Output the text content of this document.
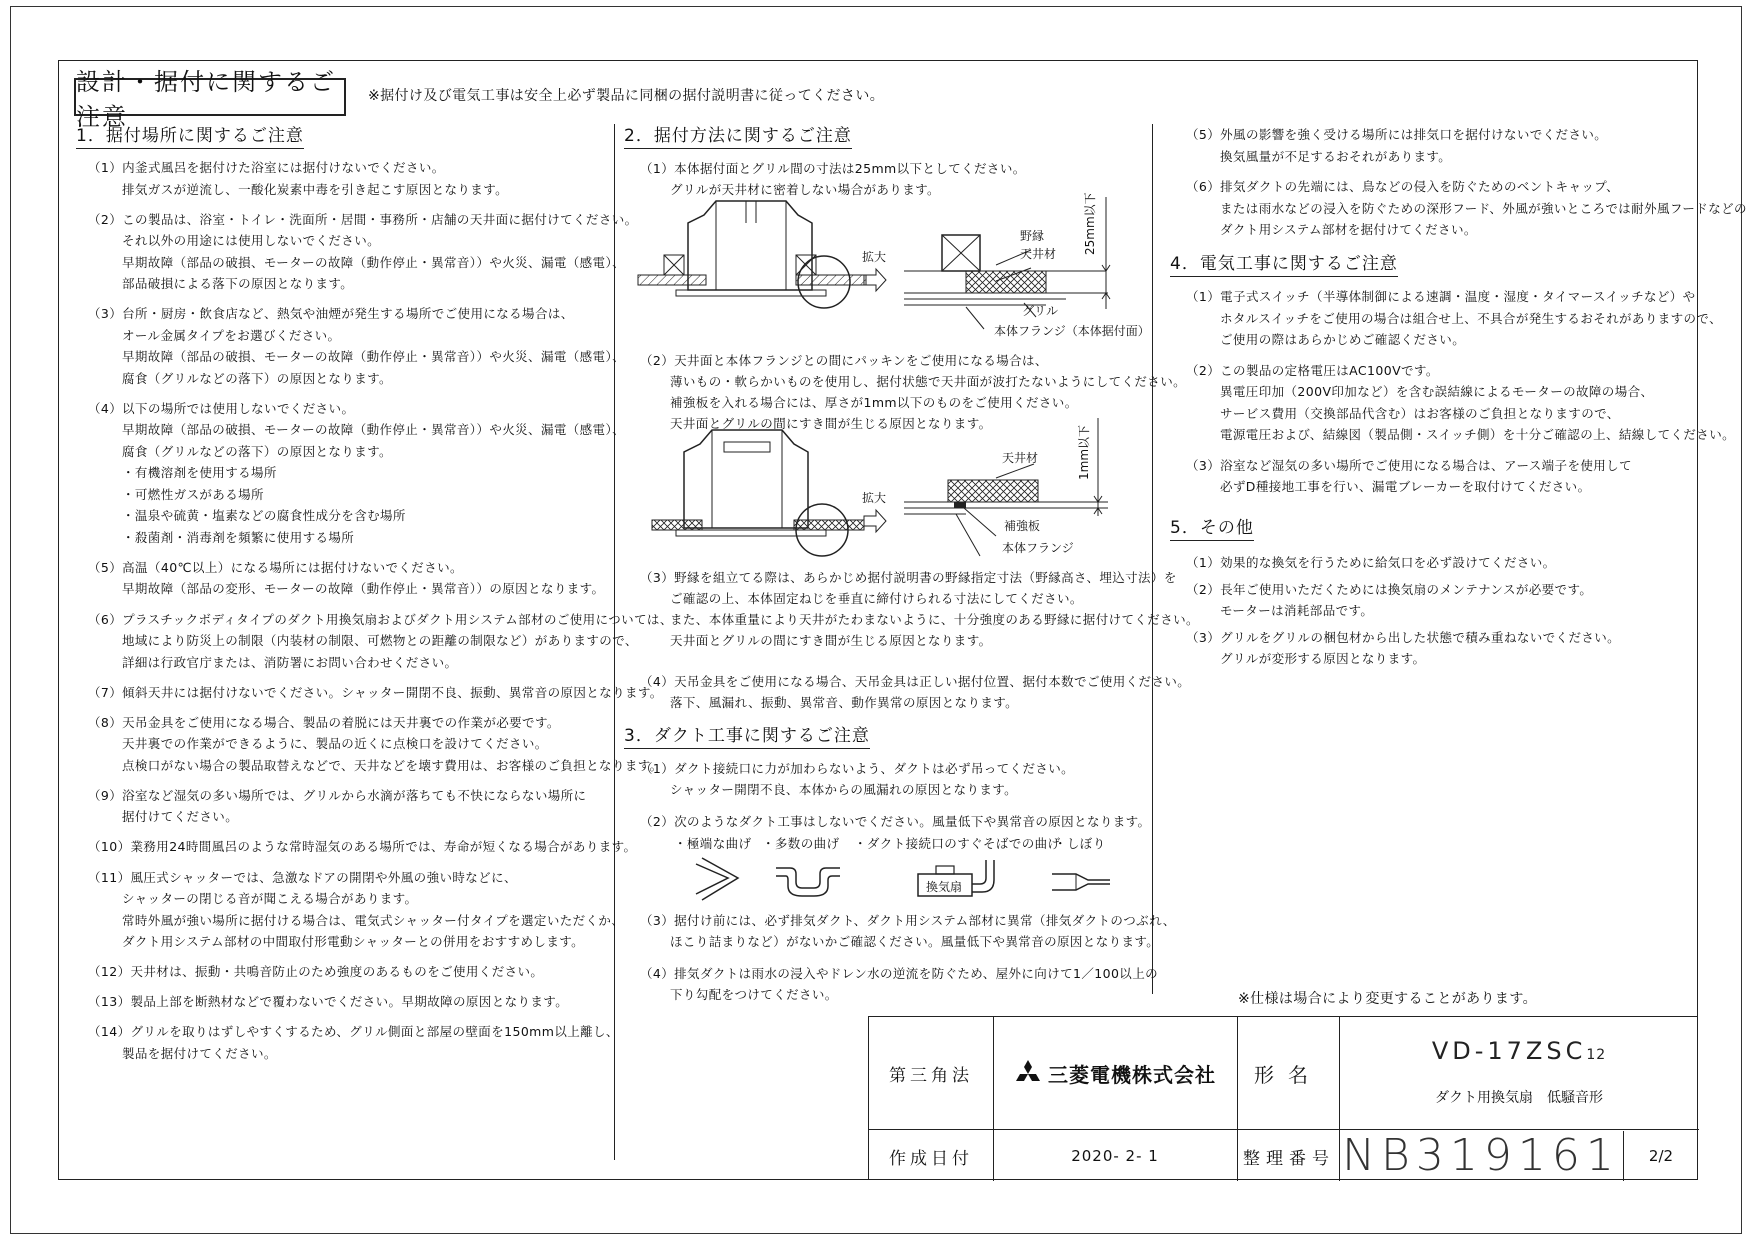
設計・据付に関するご注意
※据付け及び電気工事は安全上必ず製品に同梱の据付説明書に従ってください。
1．据付場所に関するご注意
（1）内釜式風呂を据付けた浴室には据付けないでください。
排気ガスが逆流し、一酸化炭素中毒を引き起こす原因となります。
（2）この製品は、浴室・トイレ・洗面所・居間・事務所・店舗の天井面に据付けてください。
それ以外の用途には使用しないでください。
早期故障（部品の破損、モーターの故障（動作停止・異常音））や火災、漏電（感電）、
部品破損による落下の原因となります。
（3）台所・厨房・飲食店など、熱気や油煙が発生する場所でご使用になる場合は、
オール金属タイプをお選びください。
早期故障（部品の破損、モーターの故障（動作停止・異常音））や火災、漏電（感電）、
腐食（グリルなどの落下）の原因となります。
（4）以下の場所では使用しないでください。
早期故障（部品の破損、モーターの故障（動作停止・異常音））や火災、漏電（感電）、
腐食（グリルなどの落下）の原因となります。
・有機溶剤を使用する場所
・可燃性ガスがある場所
・温泉や硫黄・塩素などの腐食性成分を含む場所
・殺菌剤・消毒剤を頻繁に使用する場所
（5）高温（40℃以上）になる場所には据付けないでください。
早期故障（部品の変形、モーターの故障（動作停止・異常音））の原因となります。
（6）プラスチックボディタイプのダクト用換気扇およびダクト用システム部材のご使用については、
地域により防災上の制限（内装材の制限、可燃物との距離の制限など）がありますので、
詳細は行政官庁または、消防署にお問い合わせください。
（7）傾斜天井には据付けないでください。シャッター開閉不良、振動、異常音の原因となります。
（8）天吊金具をご使用になる場合、製品の着脱には天井裏での作業が必要です。
天井裏での作業ができるように、製品の近くに点検口を設けてください。
点検口がない場合の製品取替えなどで、天井などを壊す費用は、お客様のご負担となります。
（9）浴室など湿気の多い場所では、グリルから水滴が落ちても不快にならない場所に
据付けてください。
（10）業務用24時間風呂のような常時湿気のある場所では、寿命が短くなる場合があります。
（11）風圧式シャッターでは、急激なドアの開閉や外風の強い時などに、
シャッターの閉じる音が聞こえる場合があります。
常時外風が強い場所に据付ける場合は、電気式シャッター付タイプを選定いただくか、
ダクト用システム部材の中間取付形電動シャッターとの併用をおすすめします。
（12）天井材は、振動・共鳴音防止のため強度のあるものをご使用ください。
（13）製品上部を断熱材などで覆わないでください。早期故障の原因となります。
（14）グリルを取りはずしやすくするため、グリル側面と部屋の壁面を150mm以上離し、
製品を据付けてください。
2．据付方法に関するご注意
（1）本体据付面とグリル間の寸法は25mm以下としてください。
グリルが天井材に密着しない場合があります。
拡大
野縁
天井材
グリル
本体フランジ（本体据付面）
25mm以下
（2）天井面と本体フランジとの間にパッキンをご使用になる場合は、
薄いもの・軟らかいものを使用し、据付状態で天井面が波打たないようにしてください。
補強板を入れる場合には、厚さが1mm以下のものをご使用ください。
天井面とグリルの間にすき間が生じる原因となります。
拡大
天井材
補強板
本体フランジ
1mm以下
（3）野縁を組立てる際は、あらかじめ据付説明書の野縁指定寸法（野縁高さ、埋込寸法）を
ご確認の上、本体固定ねじを垂直に締付けられる寸法にしてください。
また、本体重量により天井がたわまないように、十分強度のある野縁に据付けてください。
天井面とグリルの間にすき間が生じる原因となります。
（4）天吊金具をご使用になる場合、天吊金具は正しい据付位置、据付本数でご使用ください。
落下、風漏れ、振動、異常音、動作異常の原因となります。
3．ダクト工事に関するご注意
（1）ダクト接続口に力が加わらないよう、ダクトは必ず吊ってください。
シャッター開閉不良、本体からの風漏れの原因となります。
（2）次のようなダクト工事はしないでください。風量低下や異常音の原因となります。
・極端な曲げ ・多数の曲げ ・ダクト接続口のすぐそばでの曲げ
・しぼり
換気扇
（3）据付け前には、必ず排気ダクト、ダクト用システム部材に異常（排気ダクトのつぶれ、
ほこり詰まりなど）がないかご確認ください。風量低下や異常音の原因となります。
（4）排気ダクトは雨水の浸入やドレン水の逆流を防ぐため、屋外に向けて1／100以上の
下り勾配をつけてください。
（5）外風の影響を強く受ける場所には排気口を据付けないでください。
換気風量が不足するおそれがあります。
（6）排気ダクトの先端には、鳥などの侵入を防ぐためのベントキャップ、
または雨水などの浸入を防ぐための深形フード、外風が強いところでは耐外風フードなどの
ダクト用システム部材を据付けてください。
4．電気工事に関するご注意
（1）電子式スイッチ（半導体制御による速調・温度・湿度・タイマースイッチなど）や
ホタルスイッチをご使用の場合は組合せ上、不具合が発生するおそれがありますので、
ご使用の際はあらかじめご確認ください。
（2）この製品の定格電圧はAC100Vです。
異電圧印加（200V印加など）を含む誤結線によるモーターの故障の場合、
サービス費用（交換部品代含む）はお客様のご負担となりますので、
電源電圧および、結線図（製品側・スイッチ側）を十分ご確認の上、結線してください。
（3）浴室など湿気の多い場所でご使用になる場合は、アース端子を使用して
必ずD種接地工事を行い、漏電ブレーカーを取付けてください。
5．その他
（1）効果的な換気を行うために給気口を必ず設けてください。
（2）長年ご使用いただくためには換気扇のメンテナンスが必要です。
モーターは消耗部品です。
（3）グリルをグリルの梱包材から出した状態で積み重ねないでください。
グリルが変形する原因となります。
※仕様は場合により変更することがあります。
第三角法	三菱電機株式会社	形名
VD-17ZSC 12
ダクト用換気扇　低騒音形
作成日付	2020- 2- 1	整理番号 NB319161	2/2
